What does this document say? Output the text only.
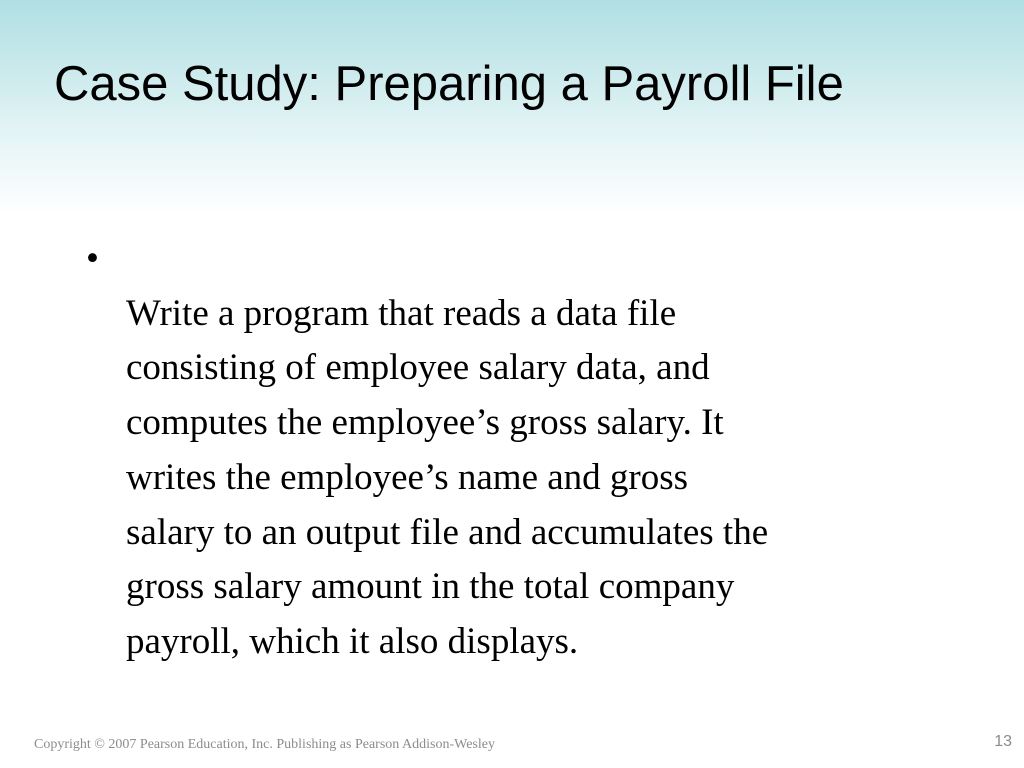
Case Study: Preparing a Payroll File

•
Write a program that reads a data file
consisting of employee salary data, and
computes the employee’s gross salary. It
writes the employee’s name and gross
salary to an output file and accumulates the
gross salary amount in the total company
payroll, which it also displays.

Copyright © 2007 Pearson Education, Inc. Publishing as Pearson Addison-Wesley	13
